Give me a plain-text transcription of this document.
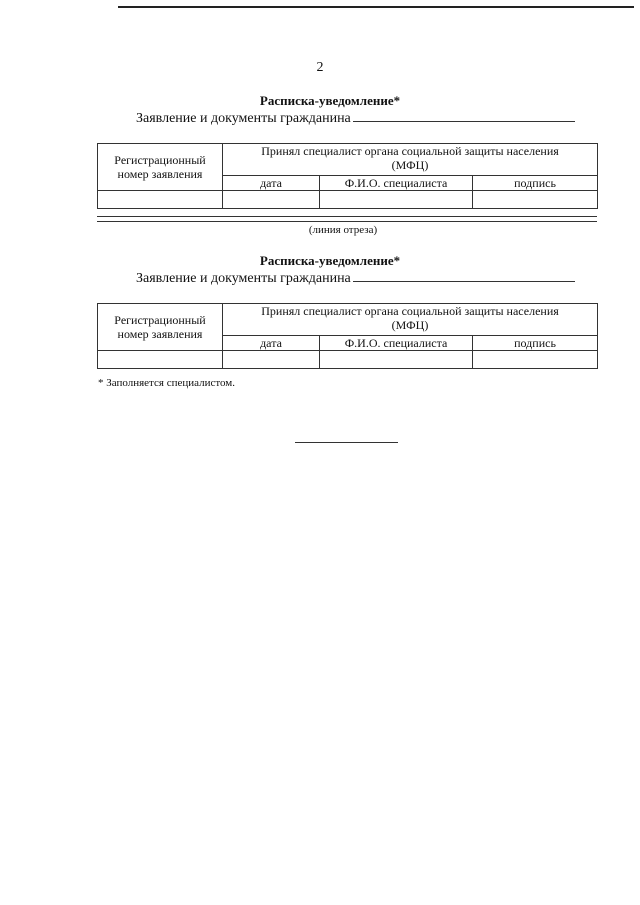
2
Расписка-уведомление*
Заявление и документы гражданина
Регистрационный
номер заявления	Принял специалист органа социальной защиты населения
(МФЦ)		
	дата	Ф.И.О. специалиста	подпись

(линия отреза)
Расписка-уведомление*
Заявление и документы гражданина
Регистрационный
номер заявления	Принял специалист органа социальной защиты населения
(МФЦ)		
	дата	Ф.И.О. специалиста	подпись

* Заполняется специалистом.
